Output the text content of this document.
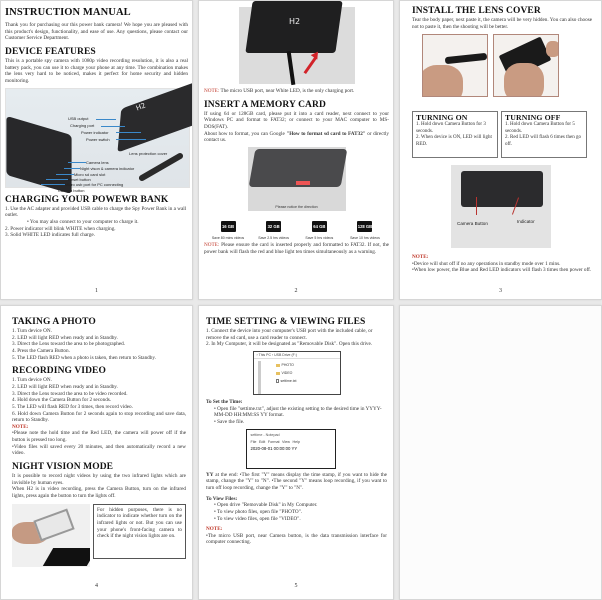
INSTRUCTION MANUAL
Thank you for purchasing our this power bank camera! We hope you are pleased with this product's design, functionality, and ease of use. Any questions, please contact our Customer Service Department.
DEVICE FEATURES
This is a portable spy camera with 1080p video recording resolution, it is also a real battery pack, you can use it to charge your phone at any time. The combination makes the lens very hard to be noticed, makes it perfect for home security and hidden monitoring.
H2
USB output
Charging port
Power indicator
Power switch
Lens protection cover
Camera lens
Night vison & camera indicator
Micro sd card slot
Reset button
Micro usb port for PC connecting
Camera button
CHARGING YOUR POWEWR BANK
1. Use the AC adapter and provided USB cable to charge the Spy Power Bank in a wall outlet.
• You may also connect to your computer to charge it.
2. Power indicator will blink WHITE when charging.
3. Solid WHITE LED indicates full charge.
1
H2
NOTE: The micro USB port, near White LED, is the only charging port.
INSERT A MEMORY CARD
If using 64 or 128GB card, please put it into a card reader, next connect to your Windows PC and format to FAT32; or connect to your MAC computer to MS-DOS(FAT).
About how to format, you can Google "How to format sd card to FAT32" or directly contact us.
Please notice the direction
16 GB
Save 80 mins videos
32 GB
Save 2.5 hrs videos
64 GB
Save 5 hrs videos
128 GB
Save 10 hrs videos
NOTE: Please ensure the card is inserted properly and formatted to FAT32. If not, the power bank will flash the red and blue light ten times simultaneously as a warning.
2
INSTALL THE LENS COVER
Tear the body paper, next paste it, the camera will be very hidden. You can also choose not to paste it, then the shooting will be better.
TURNING ON
1. Hold down Camera Button for 3 seconds.
2. When device is ON, LED will light RED.
TURNING OFF
1. Hold down Camera Button for 5 seconds.
2. Red LED will flash 6 times then go off.
Camera Button	Indicator
NOTE:
•Device will shut off if no any operations in standby mode over 1 mins.
•When low power, the Blue and Red LED indicators will flash 3 times then power off.
3
TAKING A PHOTO
1. Turn device ON.
2. LED will light RED when ready and in Standby.
3. Direct the Lens toward the area to be photographed.
4. Press the Camera Button.
5. The LED flash RED when a photo is taken, then return to Standby.
RECORDING VIDEO
1. Turn device ON.
2. LED will light RED when ready and in Standby.
3. Direct the Lens toward the area to be video recorded.
4. Hold down the Camera Button for 2 seconds.
5. The LED will flash RED for 3 times, then record video.
6. Hold down Camera Button for 2 seconds again to stop recording and save data, return to Standby.
NOTE:
•Please note the hold time and the Red LED, the camera will power off if the button is pressed too long.
•Video files will saved every 20 minutes, and then automatically record a new video.
NIGHT VISION MODE
It is possible to record night videos by using the two infrared lights which are invisible by human eyes.
When H2 is in video recording, press the Camera Button, turn on the infrared lights, press again the button to turn the lights off.
For hidden purposes, there is no indicator to indicate whether turn on the infrared lights or not. But you can use your phone's front-facing camera to check if the night vision lights are on.
4
TIME SETTING & VIEWING FILES
1. Connect the device into your computer's USB port with the included cable, or remove the sd card, use a card reader to connect.
2. In My Computer, it will be designated as "Removable Disk". Open this drive.
› This PC › USB Drive (F:)
PHOTO
VIDEO
settime.txt
To Set the Time:
• Open file "settime.txt", adjust the existing setting to the desired time in YYYY-MM-DD HH:MM:SS YY format.
• Save the file.
settime - Notepad
File Edit Format View Help
2020-08-01 00:00:00 YY
YY at the end: •The first "Y" means display the time stamp, if you want to hide the stamp, change the "Y" to "N". •The second "Y" means loop recording, if you want to turn off loop recording, change the "Y" to "N".
To View Files:
• Open drive "Removable Disk" in My Computer.
• To view photo files, open file "PHOTO".
• To view video files, open file "VIDEO".
NOTE:
•The micro USB port, near Camera button, is the data transmission interface for computer connecting.
5
